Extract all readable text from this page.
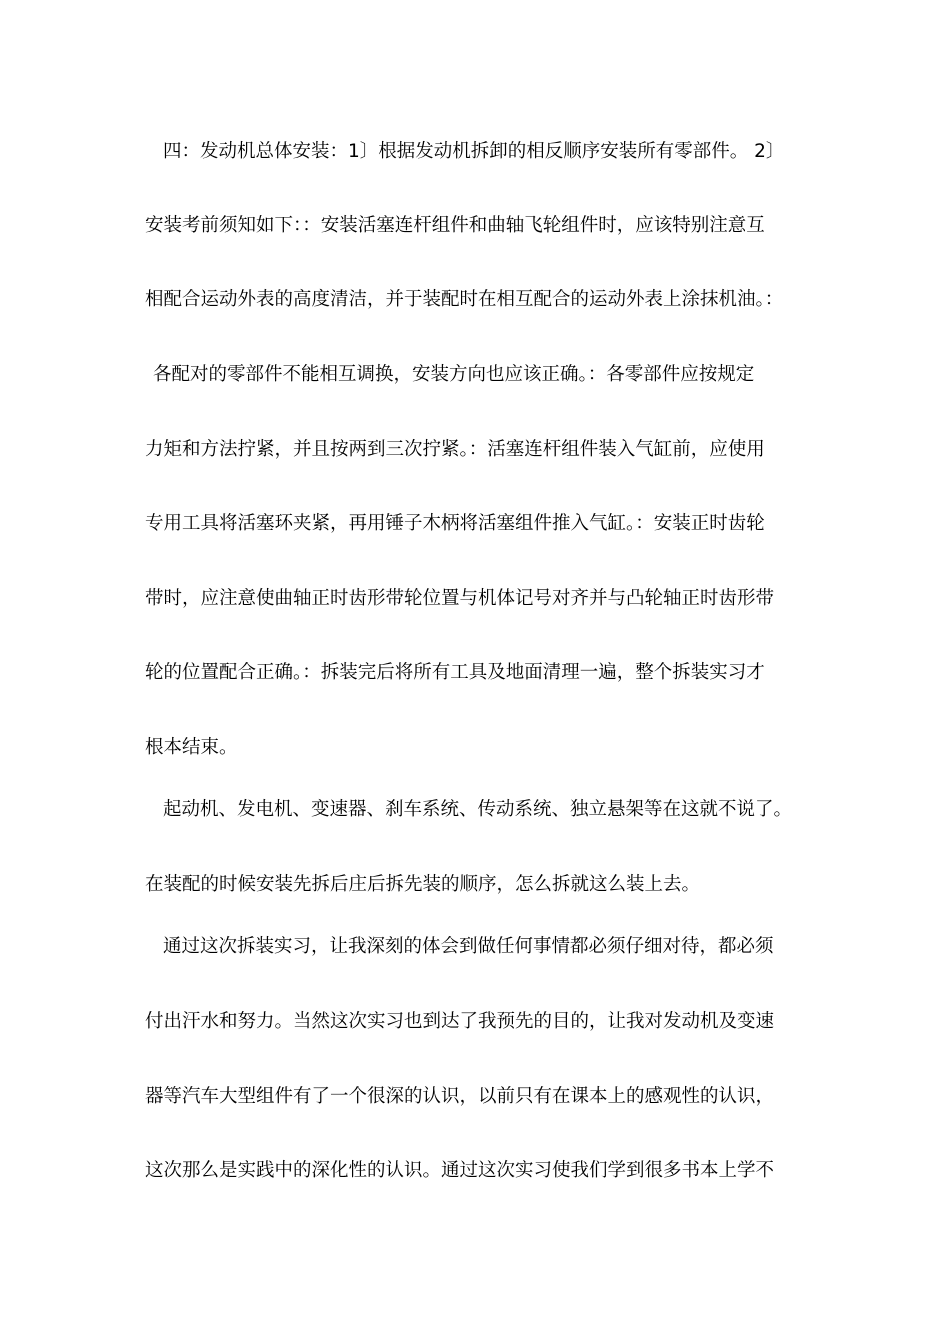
四：发动机总体安装：1〕根据发动机拆卸的相反顺序安装所有零部件。 2〕
安装考前须知如下：：安装活塞连杆组件和曲轴飞轮组件时，应该特别注意互
相配合运动外表的高度清洁，并于装配时在相互配合的运动外表上涂抹机油。：
各配对的零部件不能相互调换，安装方向也应该正确。：各零部件应按规定
力矩和方法拧紧，并且按两到三次拧紧。：活塞连杆组件装入气缸前，应使用
专用工具将活塞环夹紧，再用锤子木柄将活塞组件推入气缸。：安装正时齿轮
带时，应注意使曲轴正时齿形带轮位置与机体记号对齐并与凸轮轴正时齿形带
轮的位置配合正确。：拆装完后将所有工具及地面清理一遍，整个拆装实习才
根本结束。
起动机、发电机、变速器、刹车系统、传动系统、独立悬架等在这就不说了。
在装配的时候安装先拆后庄后拆先装的顺序，怎么拆就这么装上去。
通过这次拆装实习，让我深刻的体会到做任何事情都必须仔细对待，都必须
付出汗水和努力。当然这次实习也到达了我预先的目的，让我对发动机及变速
器等汽车大型组件有了一个很深的认识，以前只有在课本上的感观性的认识，
这次那么是实践中的深化性的认识。通过这次实习使我们学到很多书本上学不
